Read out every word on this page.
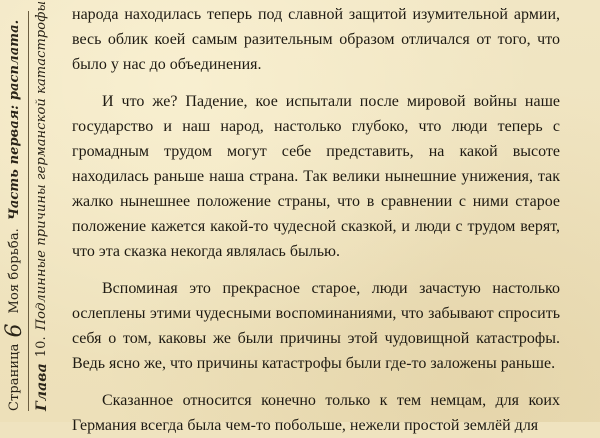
Страница
6
Моя борьба.
Часть первая: расплата.
Глава
10.
Подлинные причины германской катастрофы	народа находилась теперь под славной защитой изумительной армии, весь облик коей самым разительным образом отличался от того, что было у нас до объединения.

И что же? Падение, кое испытали после мировой войны наше государство и наш народ, настолько глубоко, что люди теперь с громадным трудом могут себе представить, на какой высоте находилась раньше наша страна. Так велики нынешние унижения, так жалко нынешнее положение страны, что в сравнении с ними старое положение кажется какой-то чудесной сказкой, и люди с трудом верят, что эта сказка некогда являлась былью.

Вспоминая это прекрасное старое, люди зачастую настолько ослеплены этими чудесными воспоминаниями, что забывают спросить себя о том, каковы же были причины этой чудовищной катастрофы. Ведь ясно же, что причины катастрофы были где-то заложены раньше.

Сказанное относится конечно только к тем немцам, для коих Германия всегда была чем-то побольше, нежели простой землёй для
